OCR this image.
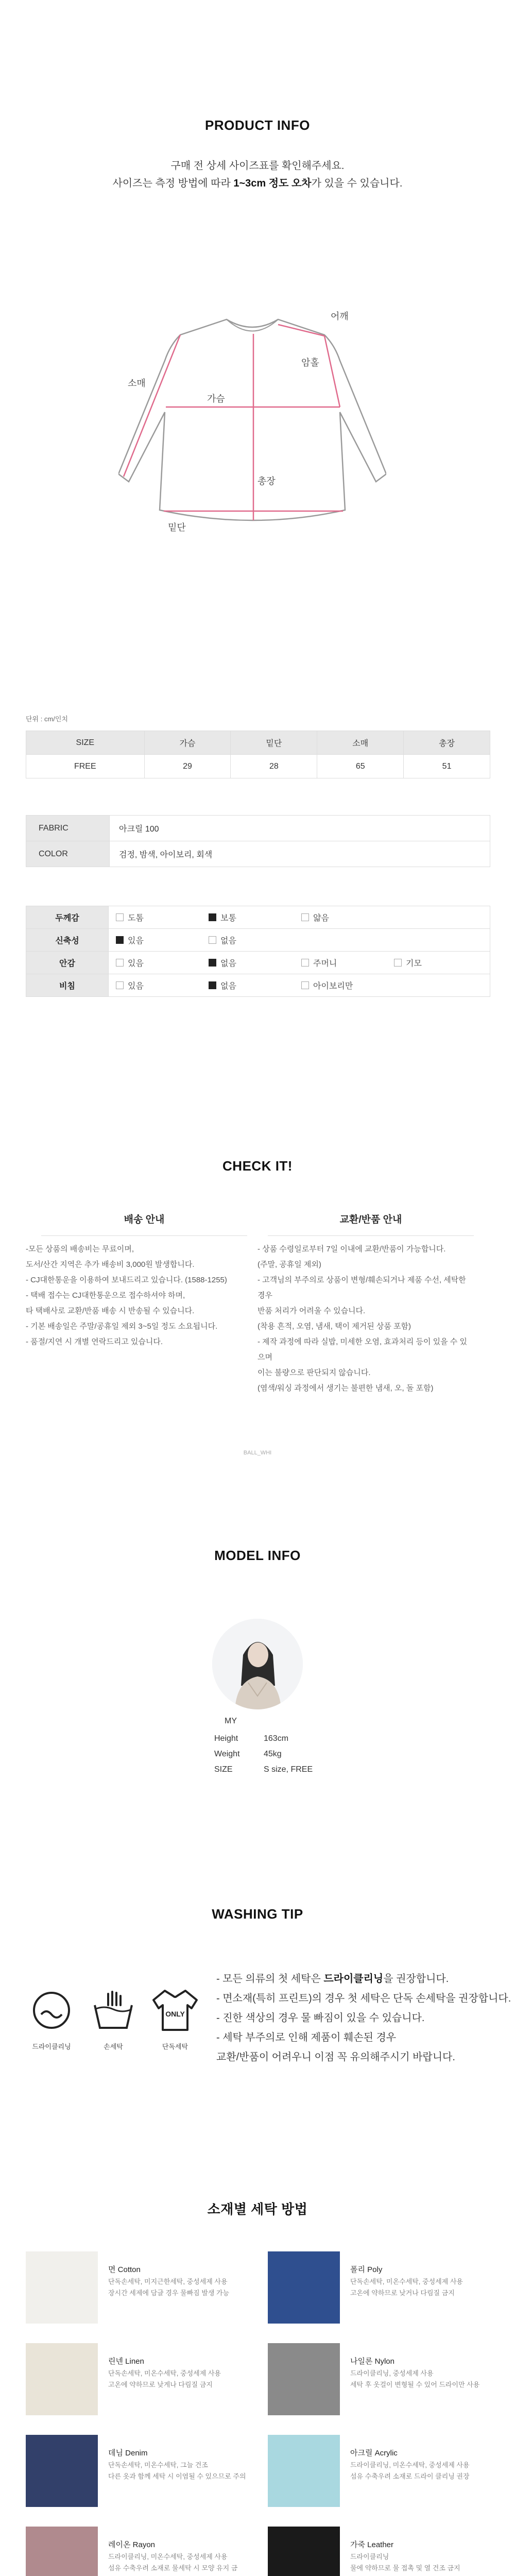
PRODUCT INFO
구매 전 상세 사이즈표를 확인해주세요.
사이즈는 측정 방법에 따라 1~3cm 정도 오차가 있을 수 있습니다.
어깨
소매
암홀
가슴
총장
밑단
단위 : cm/인치
SIZE	가슴	밑단	소매	총장
FREE	29	28	65	51
FABRIC	아크릴 100
COLOR	검정, 밤색, 아이보리, 회색
두께감	도톰 보통 얇음

신축성	있음 없음

안감	있음 없음 주머니 기모

비침	있음 없음 아이보리만
CHECK IT!
배송 안내
-모든 상품의 배송비는 무료이며,
도서/산간 지역은 추가 배송비 3,000원 발생합니다.
- CJ대한통운을 이용하여 보내드리고 있습니다. (1588-1255)
- 택배 접수는 CJ대한통운으로 접수하셔야 하며,
타 택배사로 교환/반품 배송 시 반송될 수 있습니다.
- 기본 배송일은 주말/공휴일 제외 3~5일 정도 소요됩니다.
- 품절/지연 시 개별 연락드리고 있습니다.
교환/반품 안내
- 상품 수령일로부터 7일 이내에 교환/반품이 가능합니다.
(주말, 공휴일 제외)
- 고객님의 부주의로 상품이 변형/훼손되거나 제품 수선, 세탁한 경우
반품 처리가 어려울 수 있습니다.
(착용 흔적, 오염, 냄새, 택이 제거된 상품 포함)
- 제작 과정에 따라 실밥, 미세한 오염, 효과처리 등이 있을 수 있으며
이는 불량으로 판단되지 않습니다.
(염색/워싱 과정에서 생기는 불편한 냄새, 오, 돌 포함)
BALL_WHI
MODEL INFO
MY
Height	163cm
Weight	45kg
SIZE	S size, FREE
WASHING TIP
드라이클리닝	손세탁
ONLY
단독세탁
- 모든 의류의 첫 세탁은 드라이클리닝을 권장합니다.
- 면소재(특히 프린트)의 경우 첫 세탁은 단독 손세탁을 권장합니다.
- 진한 색상의 경우 물 빠짐이 있을 수 있습니다.
- 세탁 부주의로 인해 제품이 훼손된 경우
교환/반품이 어려우니 이점 꼭 유의해주시기 바랍니다.
소재별 세탁 방법
면 Cotton
단독손세탁, 미지근한세탁, 중성세제 사용
장시간 세제에 담글 경우 물빠짐 발생 가능
폴리 Poly
단독손세탁, 미온수세탁, 중성세제 사용
고온에 약하므로 낮거나 다림질 금지
린넨 Linen
단독손세탁, 미온수세탁, 중성세제 사용
고온에 약하므로 낮게나 다림질 금지
나일론 Nylon
드라이클리닝, 중성세제 사용
세탁 후 옷걸이 변형될 수 있어 드라이만 사용
데님 Denim
단독손세탁, 미온수세탁, 그늘 건조
다른 옷과 함께 세탁 시 이염될 수 있으므로 주의
아크릴 Acrylic
드라이클리닝, 미온수세탁, 중성세제 사용
섬유 수축우려 소재로 드라이 클리닝 권장
레이온 Rayon
드라이클리닝, 미온수세탁, 중성세제 사용
섬유 수축우려 소재로 물세탁 시 모양 유지 금
가죽 Leather
드라이클리닝
물에 약하므로 물 접촉 및 열 건조 금지
